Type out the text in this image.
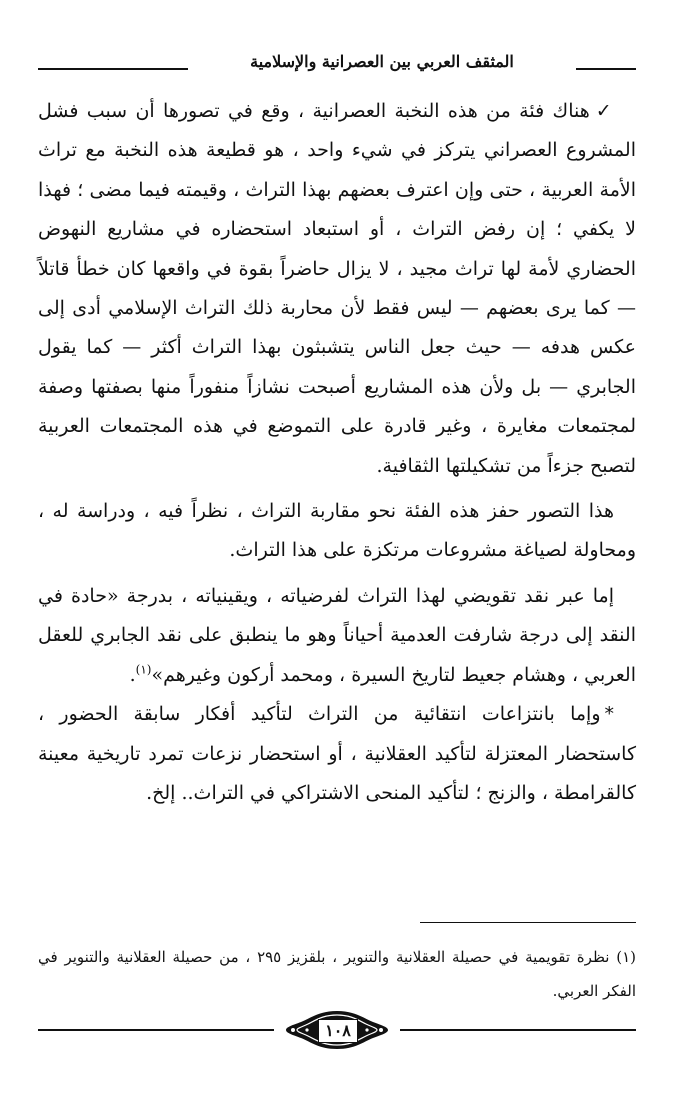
المثقف العربي بين العصرانية والإسلامية

✓هناك فئة من هذه النخبة العصرانية ، وقع في تصورها أن سبب فشل المشروع العصراني يتركز في شيء واحد ، هو قطيعة هذه النخبة مع تراث الأمة العربية ، حتى وإن اعترف بعضهم بهذا التراث ، وقيمته فيما مضى ؛ فهذا لا يكفي ؛ إن رفض التراث ، أو استبعاد استحضاره في مشاريع النهوض الحضاري لأمة لها تراث مجيد ، لا يزال حاضراً بقوة في واقعها كان خطأ قاتلاً — كما يرى بعضهم — ليس فقط لأن محاربة ذلك التراث الإسلامي أدى إلى عكس هدفه — حيث جعل الناس يتشبثون بهذا التراث أكثر — كما يقول الجابري — بل ولأن هذه المشاريع أصبحت نشازاً منفوراً منها بصفتها وصفة لمجتمعات مغايرة ، وغير قادرة على التموضع في هذه المجتمعات العربية لتصبح جزءاً من تشكيلتها الثقافية.

هذا التصور حفز هذه الفئة نحو مقاربة التراث ، نظراً فيه ، ودراسة له ، ومحاولة لصياغة مشروعات مرتكزة على هذا التراث.

إما عبر نقد تقويضي لهذا التراث لفرضياته ، ويقينياته ، بدرجة «حادة في النقد إلى درجة شارفت العدمية أحياناً وهو ما ينطبق على نقد الجابري للعقل العربي ، وهشام جعيط لتاريخ السيرة ، ومحمد أركون وغيرهم»$^{(١)}$.

*وإما بانتزاعات انتقائية من التراث لتأكيد أفكار سابقة الحضور ، كاستحضار المعتزلة لتأكيد العقلانية ، أو استحضار نزعات تمرد تاريخية معينة كالقرامطة ، والزنج ؛ لتأكيد المنحى الاشتراكي في التراث.. إلخ.

(١) نظرة تقويمية في حصيلة العقلانية والتنوير ، بلقزيز ٢٩٥ ، من حصيلة العقلانية والتنوير في الفكر العربي.

١٠٨
